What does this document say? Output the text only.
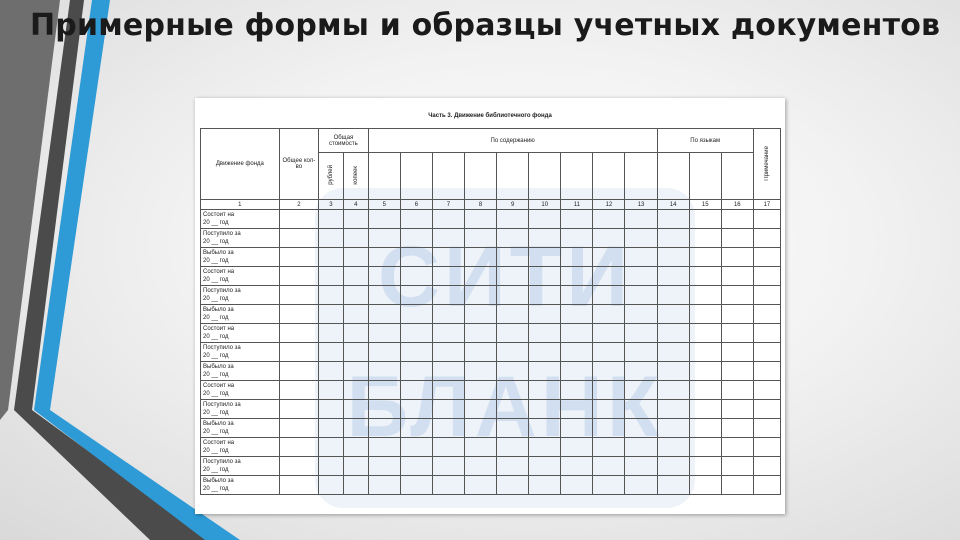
Примерные формы и образцы учетных документов
СИТИ
БЛАНК
Часть 3. Движение библиотечного фонда
Движение фонда	Общее кол-во	Общая стоимость		По содержанию									По языкам			Примечание
		рублей	копеек													
1	2	3	4	5	6	7	8	9	10	11	12	13	14	15	16	17

Состоит на
20 __ год																

Поступило за
20 __ год																

Выбыло за
20 __ год																

Состоит на
20 __ год																

Поступило за
20 __ год																

Выбыло за
20 __ год																

Состоит на
20 __ год																

Поступило за
20 __ год																

Выбыло за
20 __ год																

Состоит на
20 __ год																

Поступило за
20 __ год																

Выбыло за
20 __ год																

Состоит на
20 __ год																

Поступило за
20 __ год																

Выбыло за
20 __ год																
